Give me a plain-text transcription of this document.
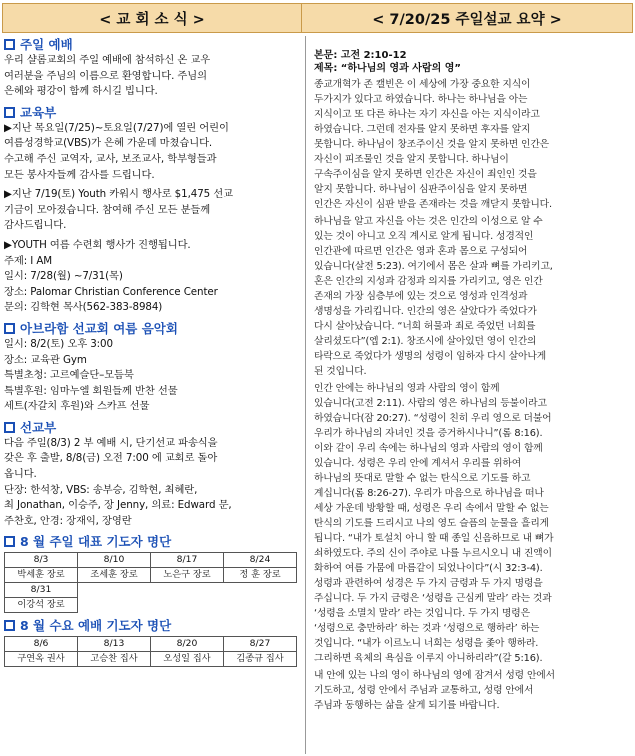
< 교 회 소 식 >	< 7/20/25 주일설교 요약 >
주일 예배
우리 샬롬교회의 주일 예배에 참석하신 온 교우
여러분을 주님의 이름으로 환영합니다. 주님의
은혜와 평강이 함께 하시길 빕니다.
교육부
▶지난 목요일(7/25)~토요일(7/27)에 열린 어린이
여름성경학교(VBS)가 은혜 가운데 마쳤습니다.
수고해 주신 교역자, 교사, 보조교사, 학부형들과
모든 봉사자들께 감사를 드립니다.
▶지난 7/19(토) Youth 카워시 행사로 $1,475 선교
기금이 모아졌습니다. 참여해 주신 모든 분들께
감사드립니다.
▶YOUTH 여름 수련회 행사가 진행됩니다.
주제: I AM
일시: 7/28(월) ~7/31(목)
장소: Palomar Christian Conference Center
문의: 김학현 목사(562-383-8984)
아브라함 선교회 여름 음악회
일시: 8/2(토) 오후 3:00
장소: 교육관 Gym
특별초청: 고르예슬단–모듬북
특별후원: 임마누엘 회원들께 반찬 선물
세트(자갈치 후원)와 스카프 선물
선교부
다음 주일(8/3) 2 부 예배 시, 단기선교 파송식을
갖은 후 출발, 8/8(금) 오전 7:00 에 교회로 돌아
옵니다.
단장: 한석창, VBS: 송부승, 김학현, 최혜란,
최 Jonathan, 이승주, 장 Jenny, 의료: Edward 문,
주찬호, 안경: 장재익, 장영란
8 월 주일 대표 기도자 명단
8/3	8/10	8/17	8/24
박세훈 장로	조세훈 장로	노은구 장로	정 훈 장로
8/31			
이강석 장로			
8 월 수요 예배 기도자 명단
8/6	8/13	8/20	8/27
구연옥 권사	고승찬 집사	오성일 집사	김종규 집사
본문: 고전 2:10-12
제목: “하나님의 영과 사람의 영”
종교개혁가 존 캘빈은 이 세상에 가장 중요한 지식이
두가지가 있다고 하였습니다. 하나는 하나님을 아는
지식이고 또 다른 하나는 자기 자신을 아는 지식이라고
하였습니다. 그런데 전자를 알지 못하면 후자를 알지
못합니다. 하나님이 창조주이신 것을 알지 못하면 인간은
자신이 피조물인 것을 알지 못합니다. 하나님이
구속주이심을 알지 못하면 인간은 자신이 죄인인 것을
알지 못합니다. 하나님이 심판주이심을 알지 못하면
인간은 자신이 심판 받을 존재라는 것을 깨닫지 못합니다.
하나님을 알고 자신을 아는 것은 인간의 이성으로 알 수
있는 것이 아니고 오직 계시로 알게 됩니다. 성경적인
인간관에 따르면 인간은 영과 혼과 몸으로 구성되어
있습니다(살전 5:23). 여기에서 몸은 살과 뼈를 가리키고,
혼은 인간의 지성과 감정과 의지를 가리키고, 영은 인간
존재의 가장 심층부에 있는 것으로 영성과 인격성과
생명성을 가리킵니다. 인간의 영은 살았다가 죽었다가
다시 살아났습니다. “너희 허물과 죄로 죽었던 너희를
살리셨도다”(엡 2:1). 창조시에 살아있던 영이 인간의
타락으로 죽었다가 생명의 성령이 임하자 다시 살아나게
된 것입니다.
인간 안에는 하나님의 영과 사람의 영이 함께
있습니다(고전 2:11). 사람의 영은 하나님의 등불이라고
하였습니다(잠 20:27). “성령이 친히 우리 영으로 더불어
우리가 하나님의 자녀인 것을 증거하시나니”(롬 8:16).
이와 같이 우리 속에는 하나님의 영과 사람의 영이 함께
있습니다. 성령은 우리 안에 계셔서 우리를 위하여
하나님의 뜻대로 말할 수 없는 탄식으로 기도를 하고
계십니다(롬 8:26-27). 우리가 마음으로 하나님을 떠나
세상 가운데 방황할 때, 성령은 우리 속에서 말할 수 없는
탄식의 기도를 드리시고 나의 영도 슬픔의 눈물을 흘리게
됩니다. “내가 토설치 아니 할 때 종일 신음하므로 내 뼈가
쇠하였도다. 주의 신이 주야로 나를 누르시오니 내 진액이
화하여 여름 가뭄에 마름같이 되었나이다”(시 32:3-4).
성령과 관련하여 성경은 두 가지 금령과 두 가지 명령을
주십니다. 두 가지 금령은 ‘성령을 근심케 말라’ 라는 것과
‘성령을 소멸치 말라’ 라는 것입니다. 두 가지 명령은
‘성령으로 충만하라’ 하는 것과 ‘성령으로 행하라’ 하는
것입니다. “내가 이르노니 너희는 성령을 좇아 행하라.
그리하면 육체의 욕심을 이루지 아니하리라”(갈 5:16).
내 안에 있는 나의 영이 하나님의 영에 잠겨서 성령 안에서
기도하고, 성령 안에서 주님과 교통하고, 성령 안에서
주님과 동행하는 삶을 살게 되기를 바랍니다.
